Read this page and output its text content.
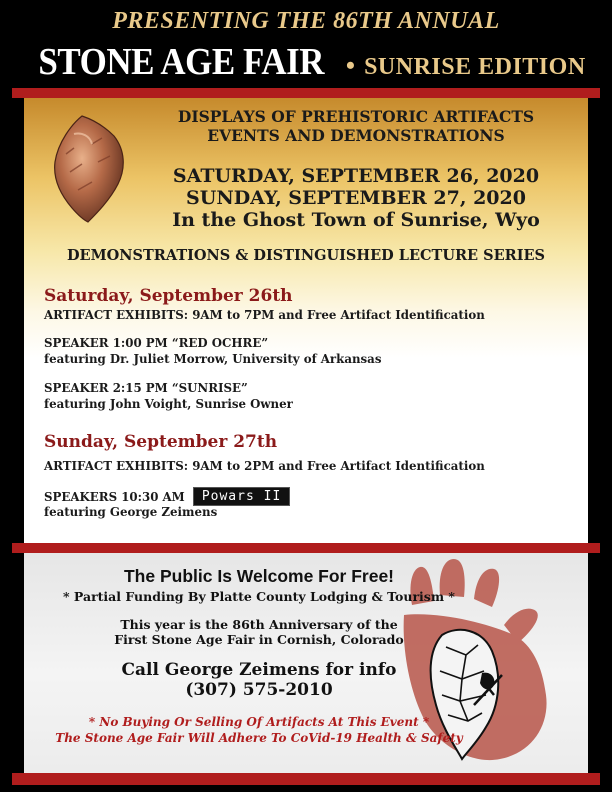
PRESENTING THE 86TH ANNUAL
STONE AGE FAIR • SUNRISE EDITION
DISPLAYS OF PREHISTORIC ARTIFACTS
EVENTS AND DEMONSTRATIONS
SATURDAY, SEPTEMBER 26, 2020
SUNDAY, SEPTEMBER 27, 2020
In the Ghost Town of Sunrise, Wyo
DEMONSTRATIONS & DISTINGUISHED LECTURE SERIES
Saturday, September 26th
ARTIFACT EXHIBITS: 9AM to 7PM and Free Artifact Identification
SPEAKER 1:00 PM “RED OCHRE”
featuring Dr. Juliet Morrow, University of Arkansas
SPEAKER 2:15 PM “SUNRISE”
featuring John Voight, Sunrise Owner
Sunday, September 27th
ARTIFACT EXHIBITS: 9AM to 2PM and Free Artifact Identification
SPEAKERS 10:30 AM Powars II
featuring George Zeimens
The Public Is Welcome For Free!
* Partial Funding By Platte County Lodging & Tourism *
This year is the 86th Anniversary of the
First Stone Age Fair in Cornish, Colorado
Call George Zeimens for info
(307) 575-2010
* No Buying Or Selling Of Artifacts At This Event *
The Stone Age Fair Will Adhere To CoVid-19 Health & Safety
